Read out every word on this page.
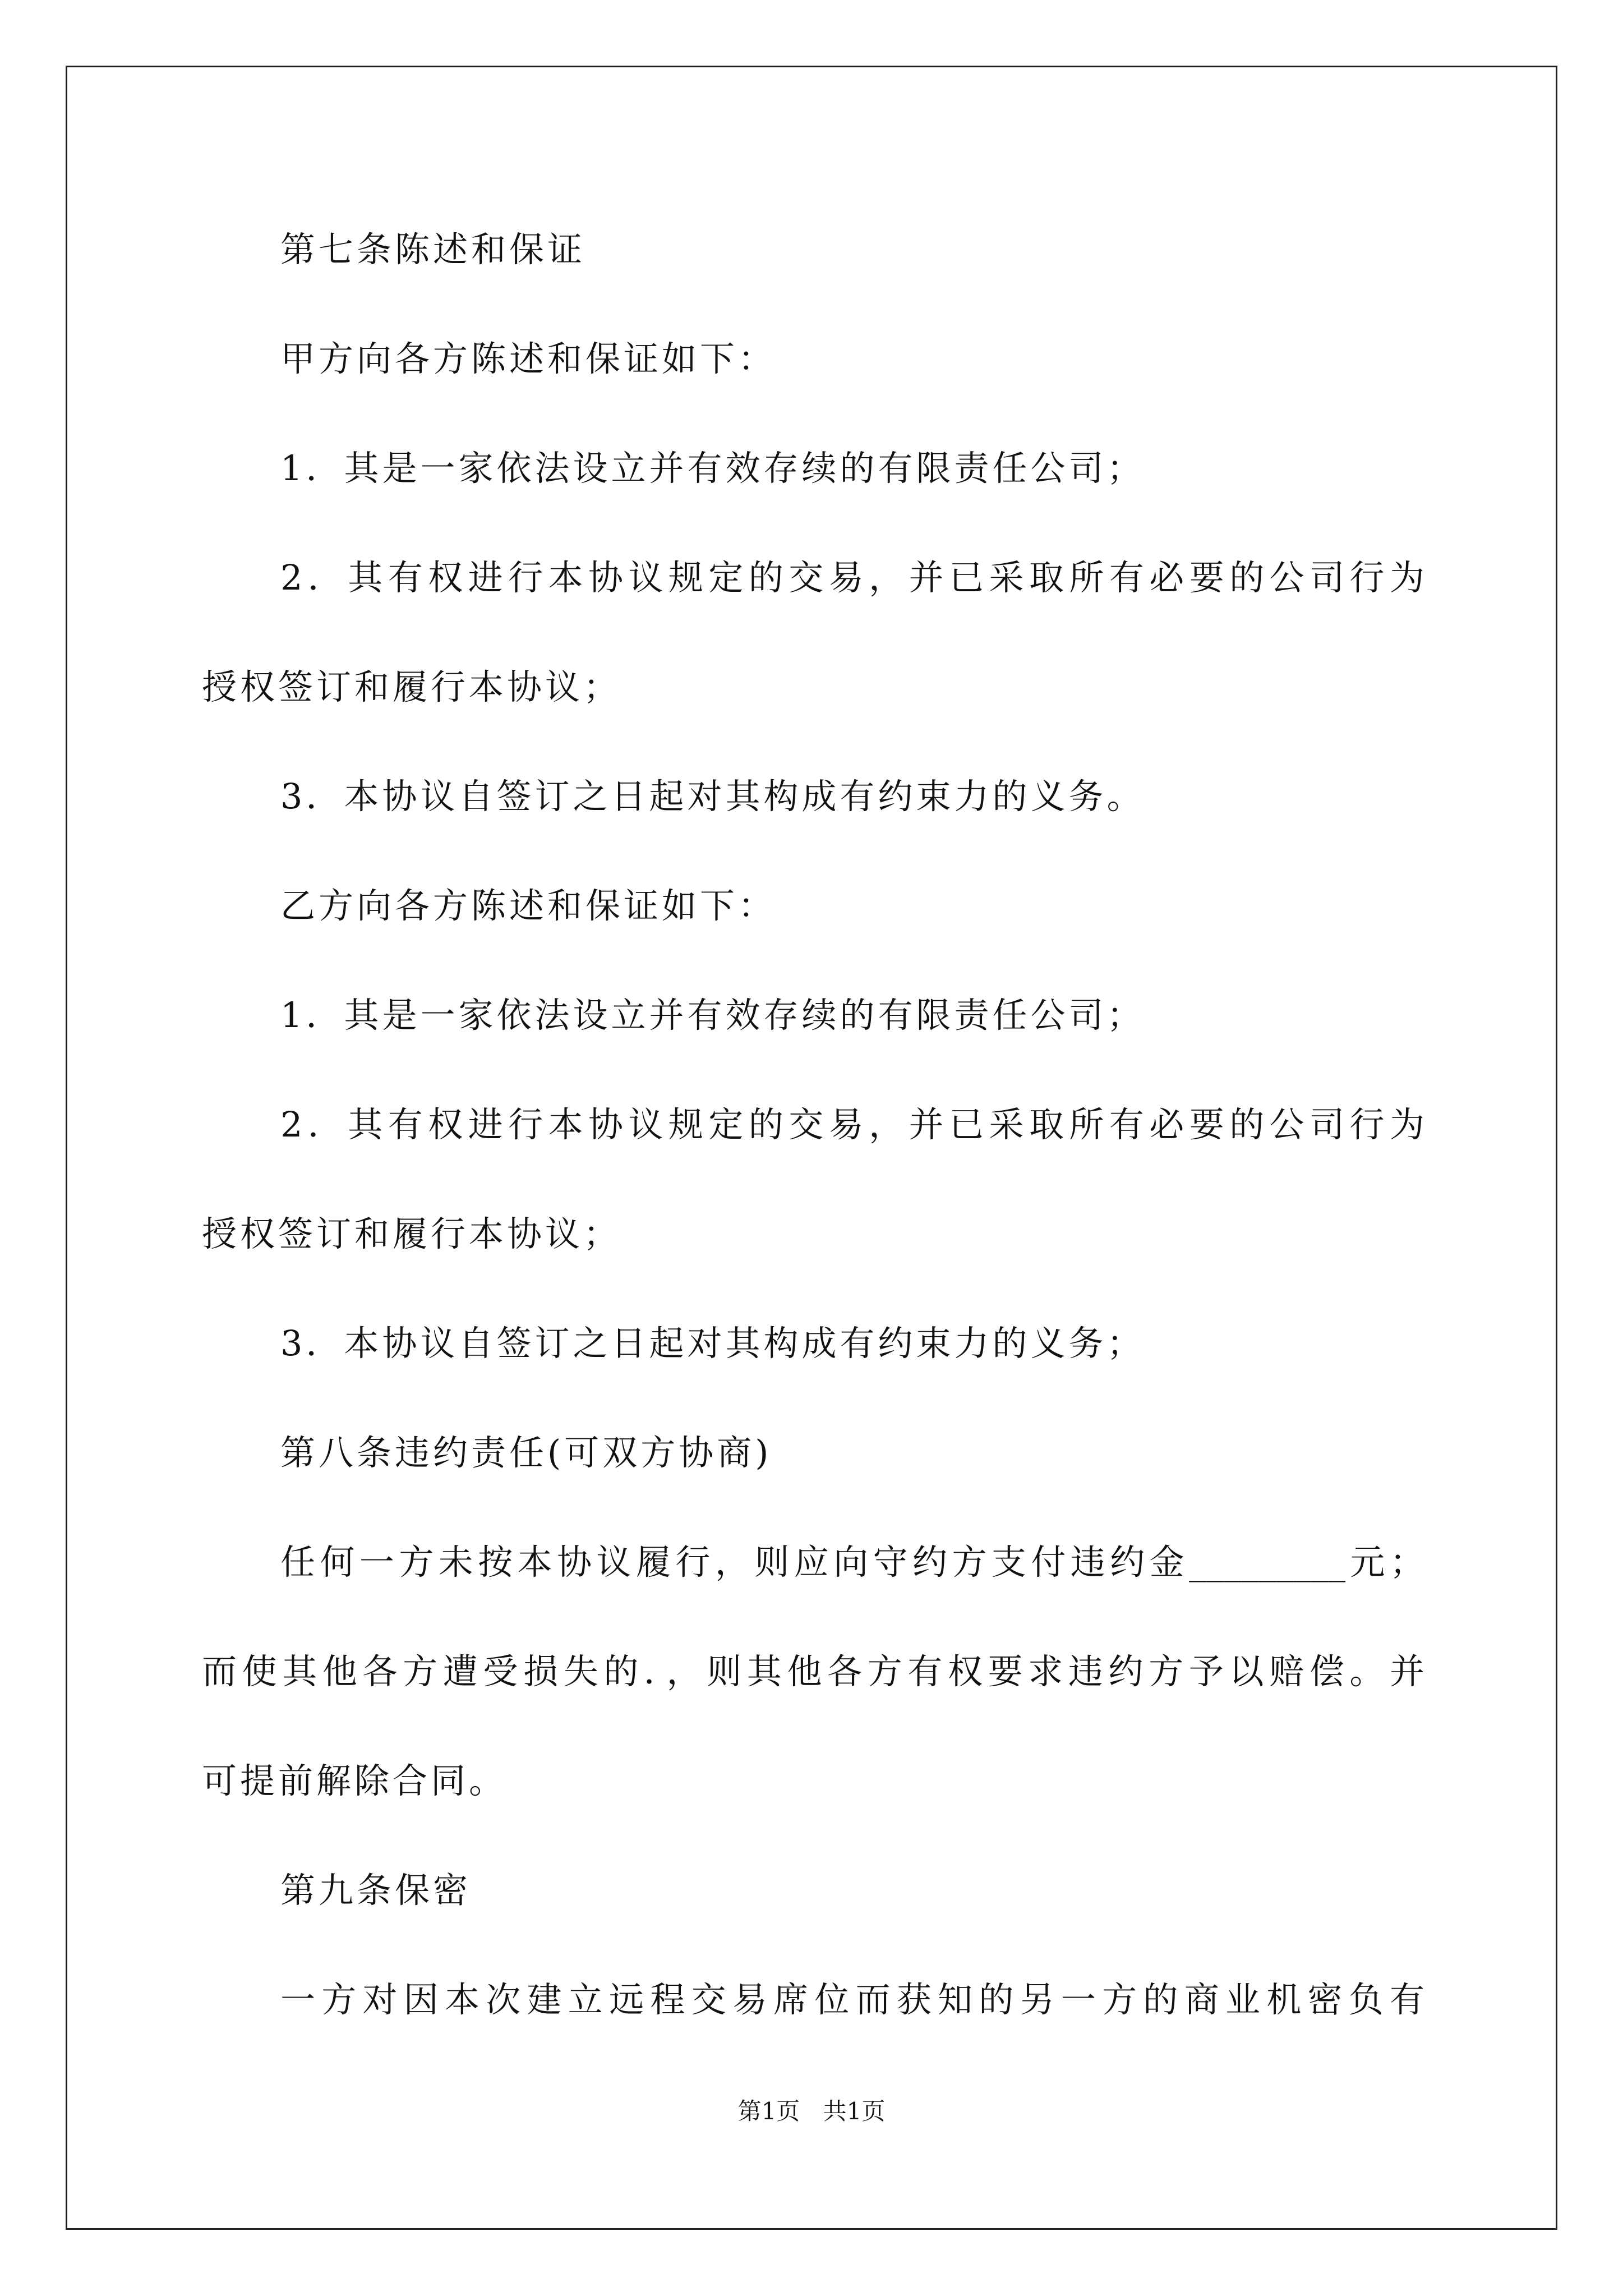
第七条陈述和保证
甲方向各方陈述和保证如下：
1．其是一家依法设立并有效存续的有限责任公司；
2．其有权进行本协议规定的交易，并已采取所有必要的公司行为
授权签订和履行本协议；
3．本协议自签订之日起对其构成有约束力的义务。
乙方向各方陈述和保证如下：
1．其是一家依法设立并有效存续的有限责任公司；
2．其有权进行本协议规定的交易，并已采取所有必要的公司行为
授权签订和履行本协议；
3．本协议自签订之日起对其构成有约束力的义务；
第八条违约责任(可双方协商)
任何一方未按本协议履行，则应向守约方支付违约金_________元；
而使其他各方遭受损失的．，则其他各方有权要求违约方予以赔偿。并
可提前解除合同。
第九条保密
一方对因本次建立远程交易席位而获知的另一方的商业机密负有
第1页 共1页
